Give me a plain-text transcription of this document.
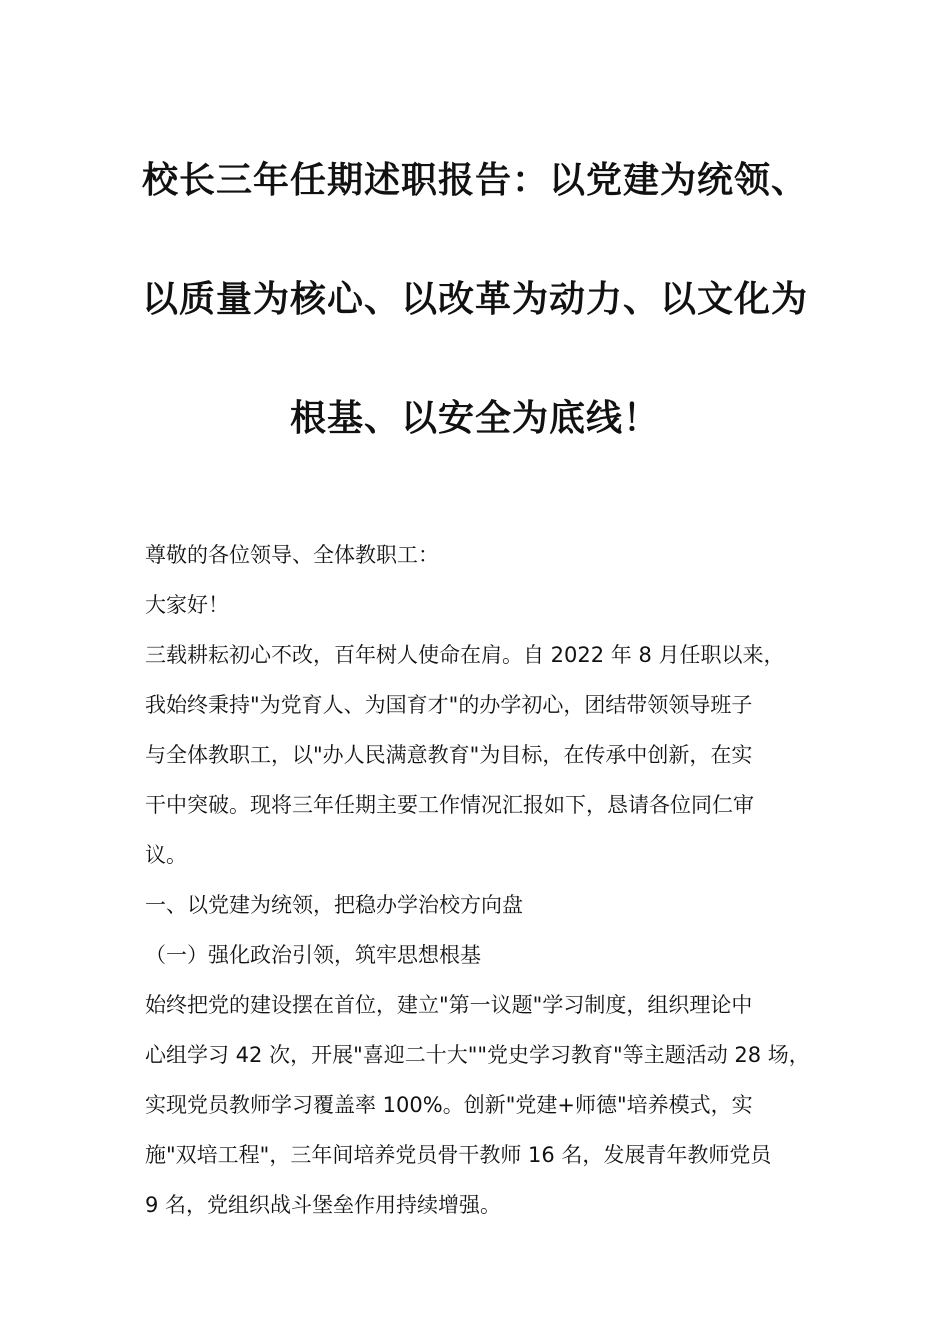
校长三年任期述职报告：以党建为统领、
以质量为核心、以改革为动力、以文化为
根基、以安全为底线！
尊敬的各位领导、全体教职工：
大家好！
三载耕耘初心不改，百年树人使命在肩。自 2022 年 8 月任职以来，
我始终秉持"为党育人、为国育才"的办学初心，团结带领领导班子
与全体教职工，以"办人民满意教育"为目标，在传承中创新，在实
干中突破。现将三年任期主要工作情况汇报如下，恳请各位同仁审
议。
一、以党建为统领，把稳办学治校方向盘
（一）强化政治引领，筑牢思想根基
始终把党的建设摆在首位，建立"第一议题"学习制度，组织理论中
心组学习 42 次，开展"喜迎二十大""党史学习教育"等主题活动 28 场，
实现党员教师学习覆盖率 100%。创新"党建+师德"培养模式，实
施"双培工程"，三年间培养党员骨干教师 16 名，发展青年教师党员
9 名，党组织战斗堡垒作用持续增强。
